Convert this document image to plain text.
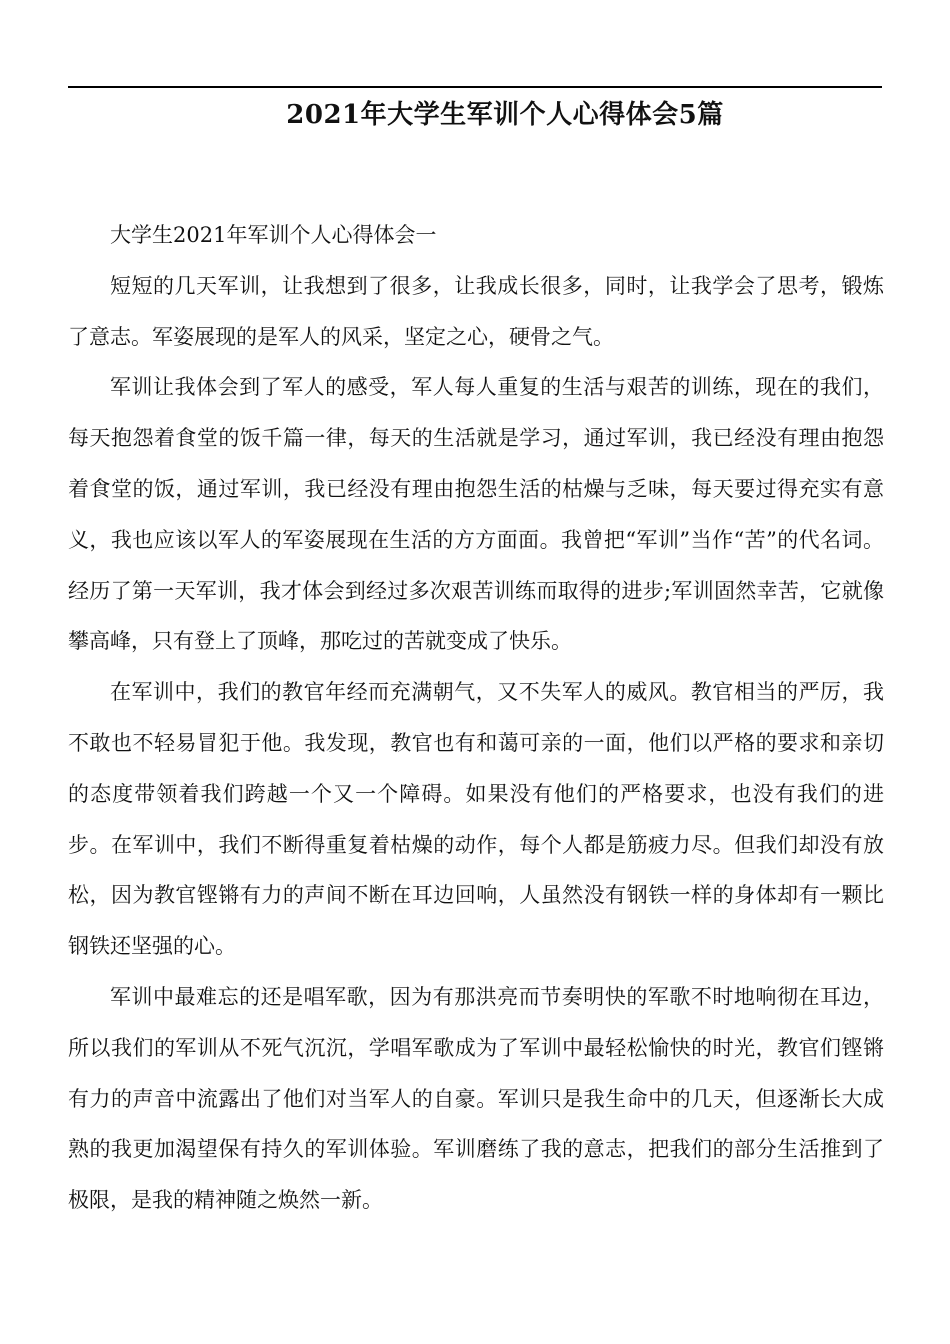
2021年大学生军训个人心得体会5篇

大学生2021年军训个人心得体会一

短短的几天军训，让我想到了很多，让我成长很多，同时，让我学会了思考，锻炼了意志。军姿展现的是军人的风采，坚定之心，硬骨之气。

军训让我体会到了军人的感受，军人每人重复的生活与艰苦的训练，现在的我们，每天抱怨着食堂的饭千篇一律，每天的生活就是学习，通过军训，我已经没有理由抱怨着食堂的饭，通过军训，我已经没有理由抱怨生活的枯燥与乏味，每天要过得充实有意义，我也应该以军人的军姿展现在生活的方方面面。我曾把“军训”当作“苦”的代名词。经历了第一天军训，我才体会到经过多次艰苦训练而取得的进步;军训固然幸苦，它就像攀高峰，只有登上了顶峰，那吃过的苦就变成了快乐。

在军训中，我们的教官年经而充满朝气，又不失军人的威风。教官相当的严厉，我不敢也不轻易冒犯于他。我发现，教官也有和蔼可亲的一面，他们以严格的要求和亲切的态度带领着我们跨越一个又一个障碍。如果没有他们的严格要求，也没有我们的进步。在军训中，我们不断得重复着枯燥的动作，每个人都是筋疲力尽。但我们却没有放松，因为教官铿锵有力的声间不断在耳边回响，人虽然没有钢铁一样的身体却有一颗比钢铁还坚强的心。

军训中最难忘的还是唱军歌，因为有那洪亮而节奏明快的军歌不时地响彻在耳边，所以我们的军训从不死气沉沉，学唱军歌成为了军训中最轻松愉快的时光，教官们铿锵有力的声音中流露出了他们对当军人的自豪。军训只是我生命中的几天，但逐渐长大成熟的我更加渴望保有持久的军训体验。军训磨练了我的意志，把我们的部分生活推到了极限，是我的精神随之焕然一新。
